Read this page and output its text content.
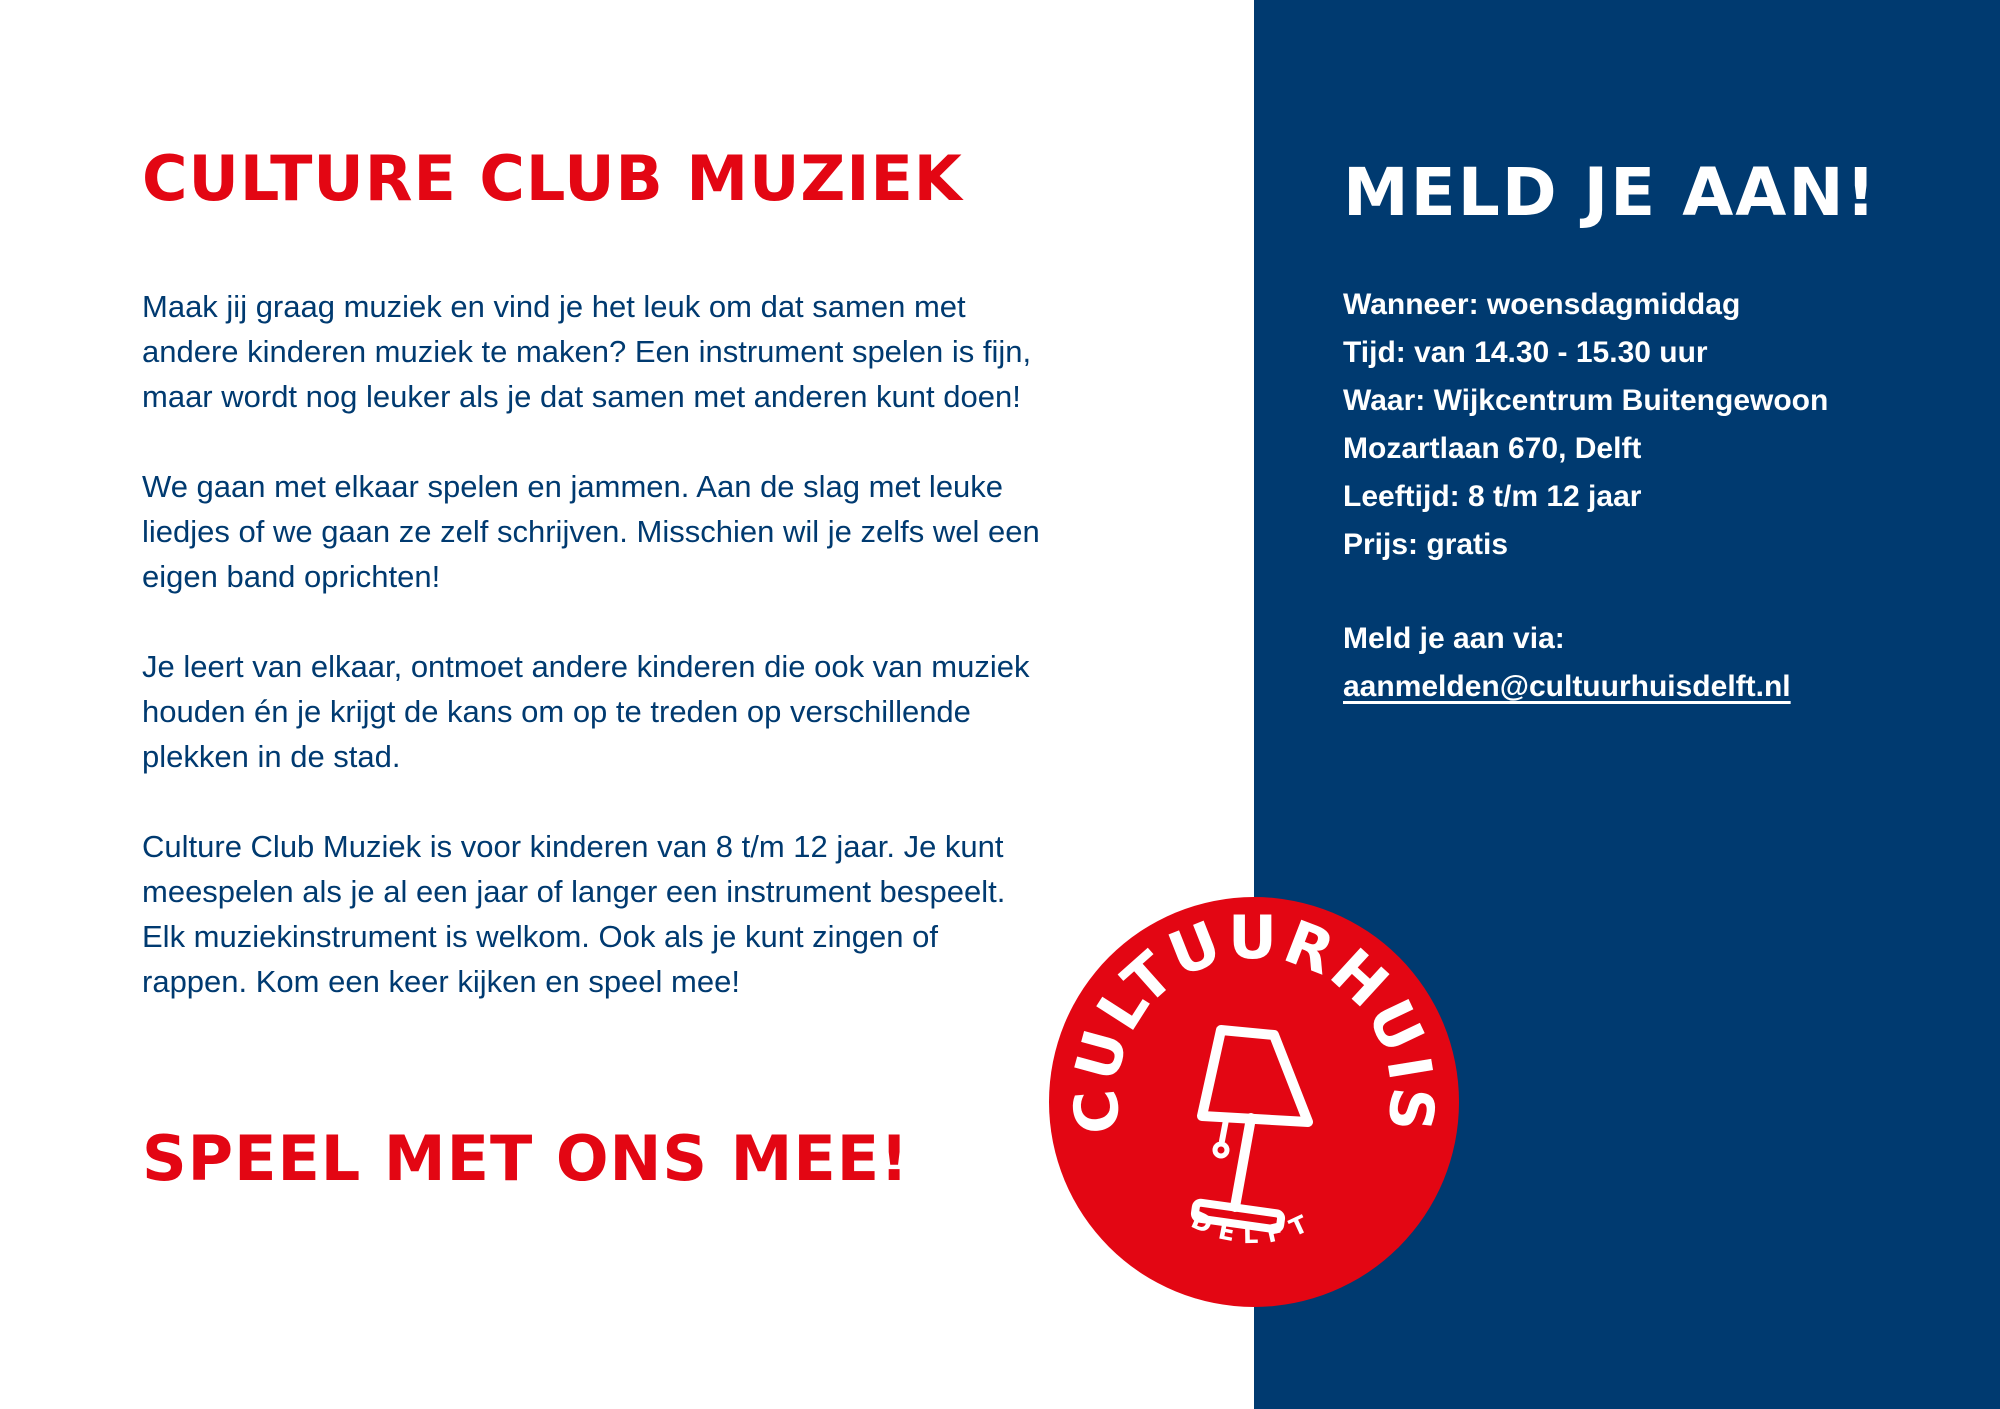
CULTURE CLUB MUZIEK

Maak jij graag muziek en vind je het leuk om dat samen met
andere kinderen muziek te maken? Een instrument spelen is fijn,
maar wordt nog leuker als je dat samen met anderen kunt doen!

We gaan met elkaar spelen en jammen. Aan de slag met leuke
liedjes of we gaan ze zelf schrijven. Misschien wil je zelfs wel een
eigen band oprichten!

Je leert van elkaar, ontmoet andere kinderen die ook van muziek
houden én je krijgt de kans om op te treden op verschillende
plekken in de stad.

Culture Club Muziek is voor kinderen van 8 t/m 12 jaar. Je kunt
meespelen als je al een jaar of langer een instrument bespeelt.
Elk muziekinstrument is welkom. Ook als je kunt zingen of
rappen. Kom een keer kijken en speel mee!

SPEEL MET ONS MEE!
MELD JE AAN!
Wanneer: woensdagmiddag
Tijd: van 14.30 - 15.30 uur
Waar: Wijkcentrum Buitengewoon
Mozartlaan 670, Delft
Leeftijd: 8 t/m 12 jaar
Prijs: gratis
Meld je aan via:
aanmelden@cultuurhuisdelft.nl
CULTUURHUIS
DELFT
